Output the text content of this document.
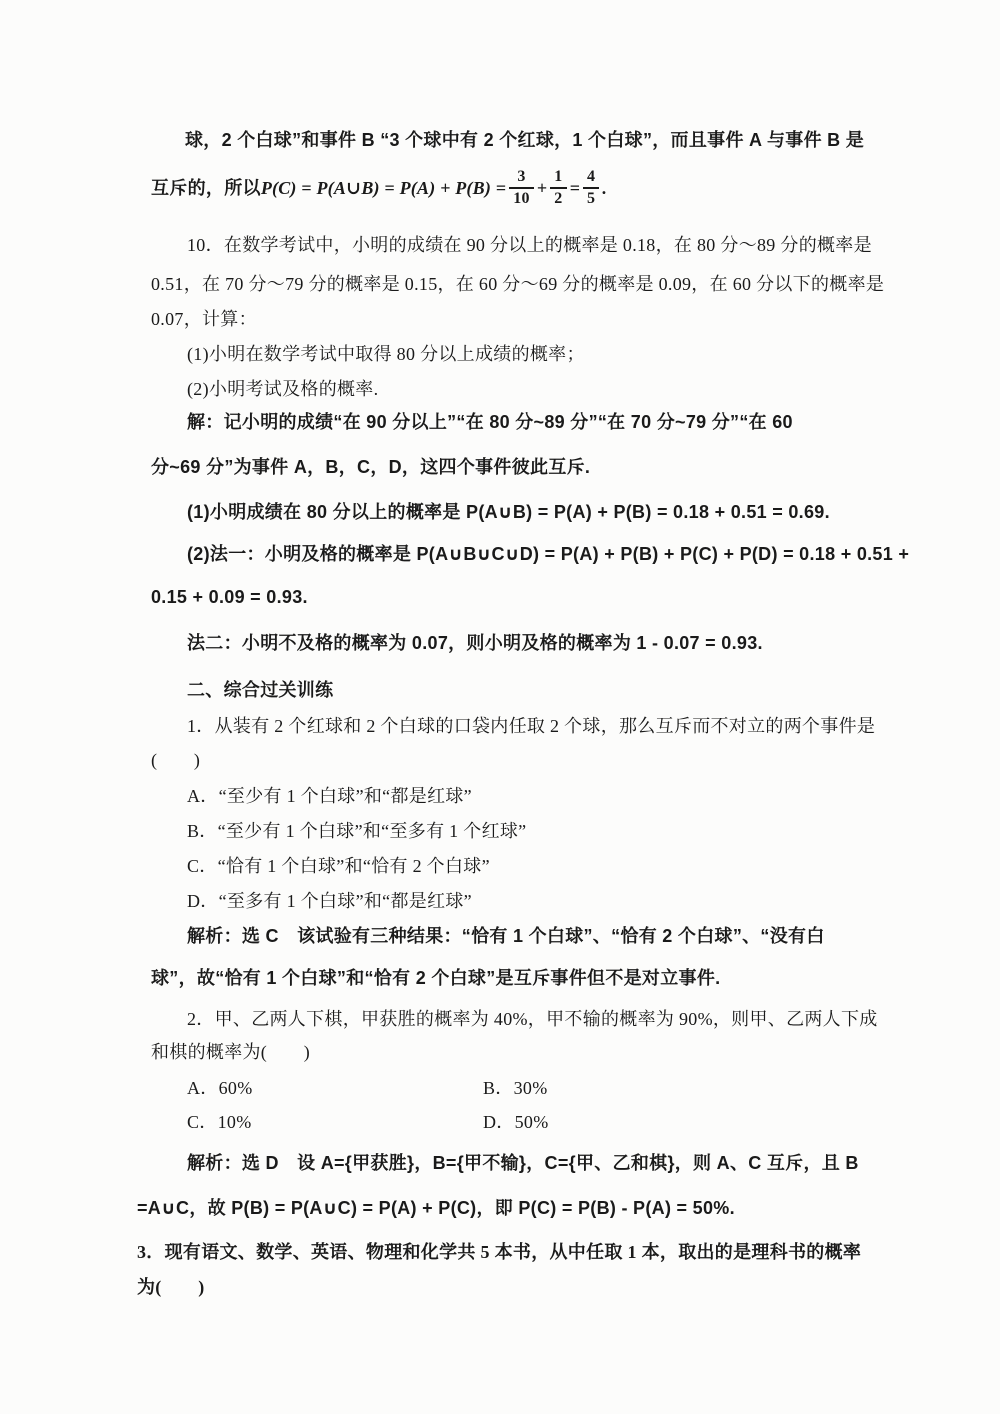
球，2 个白球”和事件 B “3 个球中有 2 个红球，1 个白球”，而且事件 A 与事件 B 是
互斥的，所以 P(C) = P(A∪B) = $P(A) + P(B) = \frac{3}{10} + \frac{1}{2} = \frac{4}{5}$ .
10．在数学考试中，小明的成绩在 90 分以上的概率是 0.18，在 80 分～89 分的概率是
0.51，在 70 分～79 分的概率是 0.15，在 60 分～69 分的概率是 0.09，在 60 分以下的概率是
0.07，计算：
(1)小明在数学考试中取得 80 分以上成绩的概率；
(2)小明考试及格的概率.
解：记小明的成绩“在 90 分以上”“在 80 分~89 分”“在 70 分~79 分”“在 60
分~69 分”为事件 A，B，C，D，这四个事件彼此互斥.
(1)小明成绩在 80 分以上的概率是 P(A∪B) = P(A) + P(B) = 0.18 + 0.51 = 0.69.
(2)法一：小明及格的概率是 P(A∪B∪C∪D) = P(A) + P(B) + P(C) + P(D) = 0.18 + 0.51 +
0.15 + 0.09 = 0.93.
法二：小明不及格的概率为 0.07，则小明及格的概率为 1 - 0.07 = 0.93.
二、综合过关训练
1．从装有 2 个红球和 2 个白球的口袋内任取 2 个球，那么互斥而不对立的两个事件是
(　　)
A．“至少有 1 个白球”和“都是红球”
B．“至少有 1 个白球”和“至多有 1 个红球”
C．“恰有 1 个白球”和“恰有 2 个白球”
D．“至多有 1 个白球”和“都是红球”
解析：选 C　该试验有三种结果：“恰有 1 个白球”、“恰有 2 个白球”、“没有白
球”，故“恰有 1 个白球”和“恰有 2 个白球”是互斥事件但不是对立事件.
2．甲、乙两人下棋，甲获胜的概率为 40%，甲不输的概率为 90%，则甲、乙两人下成
和棋的概率为(　　)
A．60%	B．30%
C．10%	D．50%
解析：选 D　设 A={甲获胜}，B={甲不输}，C={甲、乙和棋}，则 A、C 互斥，且 B
=A∪C，故 P(B) = P(A∪C) = P(A) + P(C)，即 P(C) = P(B) - P(A) = 50%.
3．现有语文、数学、英语、物理和化学共 5 本书，从中任取 1 本，取出的是理科书的概率
为(　　)
